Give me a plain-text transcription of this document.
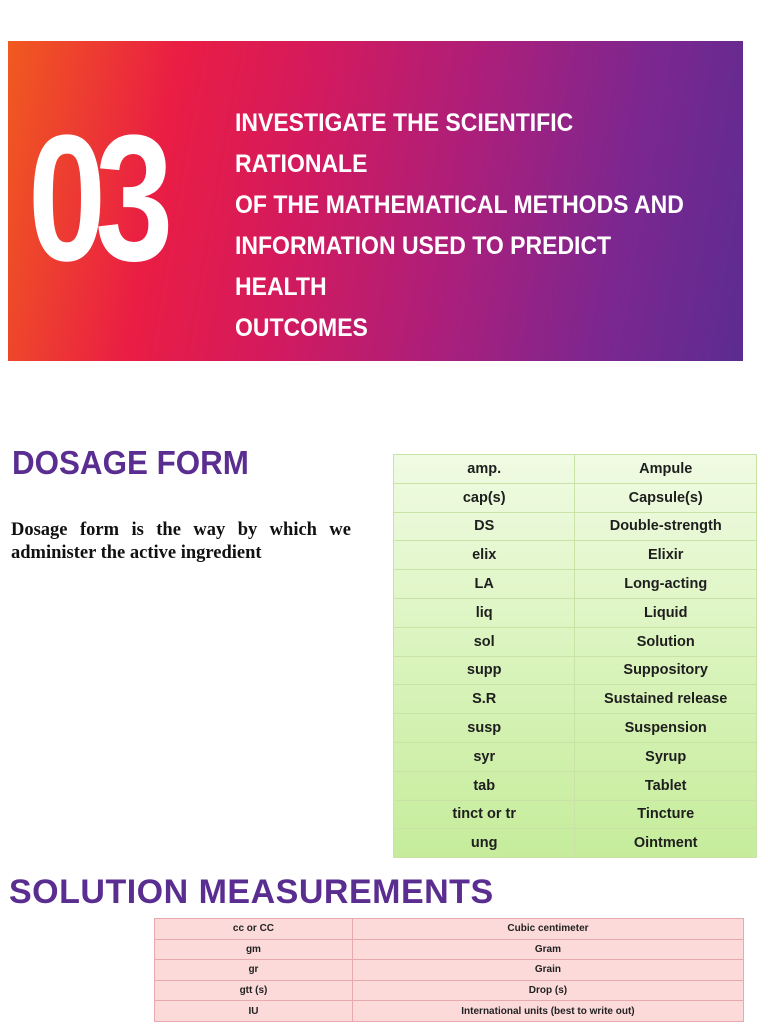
03	INVESTIGATE THE SCIENTIFIC RATIONALE
OF THE MATHEMATICAL METHODS AND
INFORMATION USED TO PREDICT HEALTH
OUTCOMES
DOSAGE FORM
Dosage form is the way by which we administer the active ingredient
amp.	Ampule
cap(s)	Capsule(s)
DS	Double-strength
elix	Elixir
LA	Long-acting
liq	Liquid
sol	Solution
supp	Suppository
S.R	Sustained release
susp	Suspension
syr	Syrup
tab	Tablet
tinct or tr	Tincture
ung	Ointment
SOLUTION MEASUREMENTS
cc or CC	Cubic centimeter
gm	Gram
gr	Grain
gtt (s)	Drop (s)
IU	International units (best to write out)
